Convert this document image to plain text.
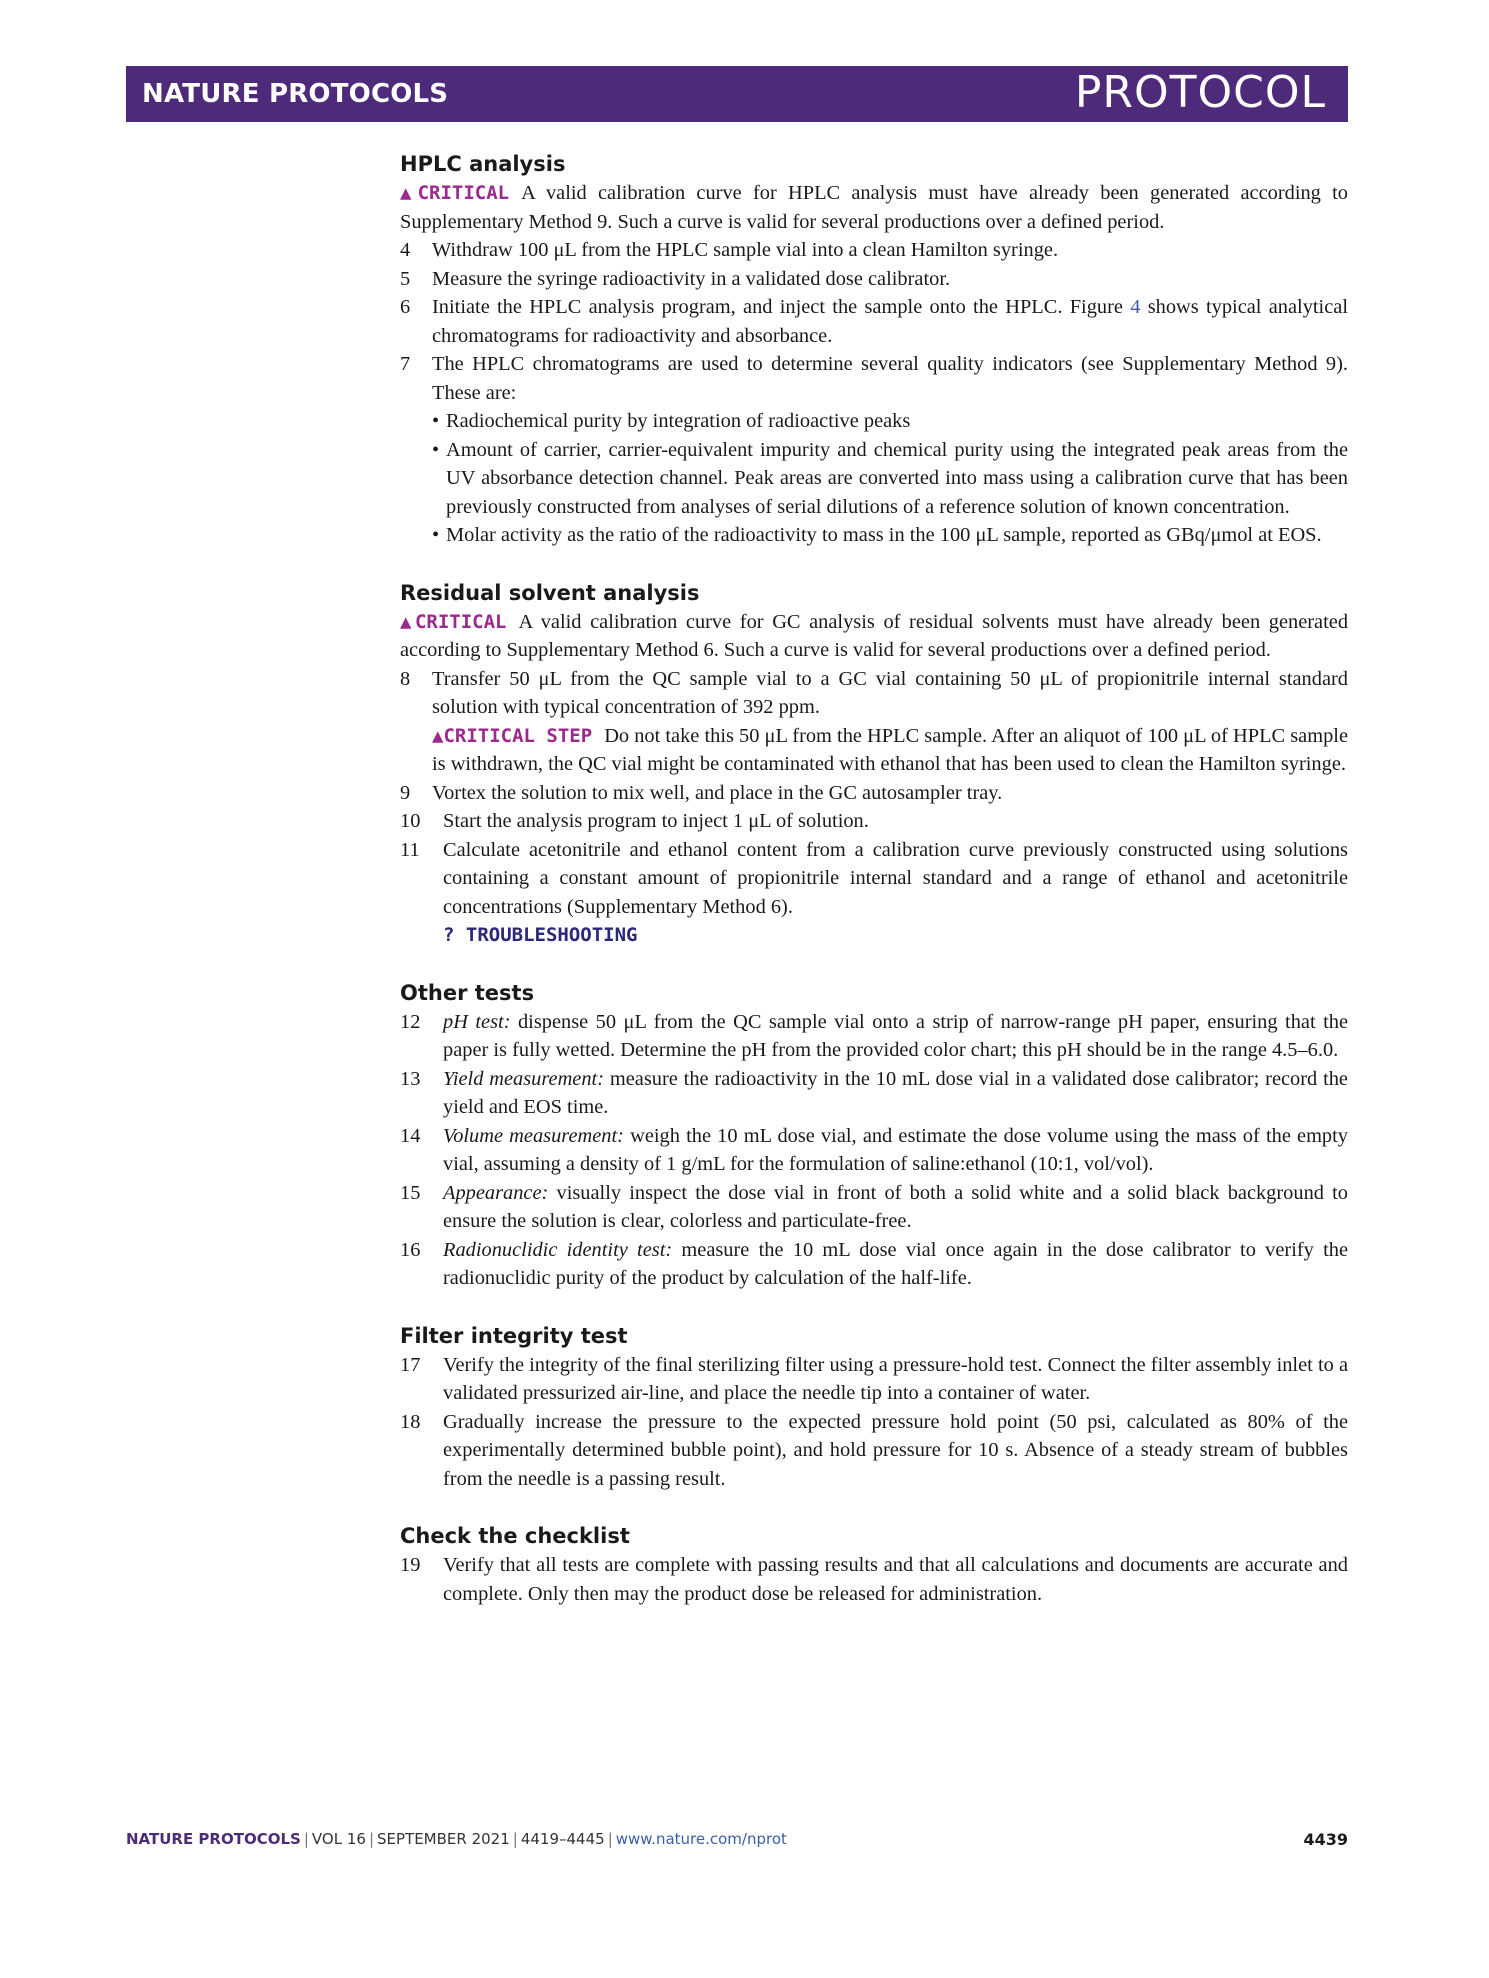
NATURE PROTOCOLS	PROTOCOL
HPLC analysis

▲CRITICAL A valid calibration curve for HPLC analysis must have already been generated according to Supplementary Method 9. Such a curve is valid for several productions over a defined period.

4 Withdraw 100 μL from the HPLC sample vial into a clean Hamilton syringe.
5 Measure the syringe radioactivity in a validated dose calibrator.
6 Initiate the HPLC analysis program, and inject the sample onto the HPLC. Figure 4 shows typical analytical chromatograms for radioactivity and absorbance.
7 The HPLC chromatograms are used to determine several quality indicators (see Supplementary Method 9). These are:
• Radiochemical purity by integration of radioactive peaks
• Amount of carrier, carrier-equivalent impurity and chemical purity using the integrated peak areas from the UV absorbance detection channel. Peak areas are converted into mass using a calibration curve that has been previously constructed from analyses of serial dilutions of a reference solution of known concentration.
• Molar activity as the ratio of the radioactivity to mass in the 100 μL sample, reported as GBq/μmol at EOS.
Residual solvent analysis

▲CRITICAL A valid calibration curve for GC analysis of residual solvents must have already been generated according to Supplementary Method 6. Such a curve is valid for several productions over a defined period.

8 Transfer 50 μL from the QC sample vial to a GC vial containing 50 μL of propionitrile internal standard solution with typical concentration of 392 ppm.

▲CRITICAL STEP Do not take this 50 μL from the HPLC sample. After an aliquot of 100 μL of HPLC sample is withdrawn, the QC vial might be contaminated with ethanol that has been used to clean the Hamilton syringe.

9 Vortex the solution to mix well, and place in the GC autosampler tray.
10 Start the analysis program to inject 1 μL of solution.
11 Calculate acetonitrile and ethanol content from a calibration curve previously constructed using solutions containing a constant amount of propionitrile internal standard and a range of ethanol and acetonitrile concentrations (Supplementary Method 6).
? TROUBLESHOOTING
Other tests
12 pH test: dispense 50 μL from the QC sample vial onto a strip of narrow-range pH paper, ensuring that the paper is fully wetted. Determine the pH from the provided color chart; this pH should be in the range 4.5–6.0.
13 Yield measurement: measure the radioactivity in the 10 mL dose vial in a validated dose calibrator; record the yield and EOS time.
14 Volume measurement: weigh the 10 mL dose vial, and estimate the dose volume using the mass of the empty vial, assuming a density of 1 g/mL for the formulation of saline:ethanol (10:1, vol/vol).
15 Appearance: visually inspect the dose vial in front of both a solid white and a solid black background to ensure the solution is clear, colorless and particulate-free.
16 Radionuclidic identity test: measure the 10 mL dose vial once again in the dose calibrator to verify the radionuclidic purity of the product by calculation of the half-life.
Filter integrity test
17 Verify the integrity of the final sterilizing filter using a pressure-hold test. Connect the filter assembly inlet to a validated pressurized air-line, and place the needle tip into a container of water.
18 Gradually increase the pressure to the expected pressure hold point (50 psi, calculated as 80% of the experimentally determined bubble point), and hold pressure for 10 s. Absence of a steady stream of bubbles from the needle is a passing result.
Check the checklist
19 Verify that all tests are complete with passing results and that all calculations and documents are accurate and complete. Only then may the product dose be released for administration.
NATURE PROTOCOLS | VOL 16 | SEPTEMBER 2021 | 4419–4445 | www.nature.com/nprot	4439
